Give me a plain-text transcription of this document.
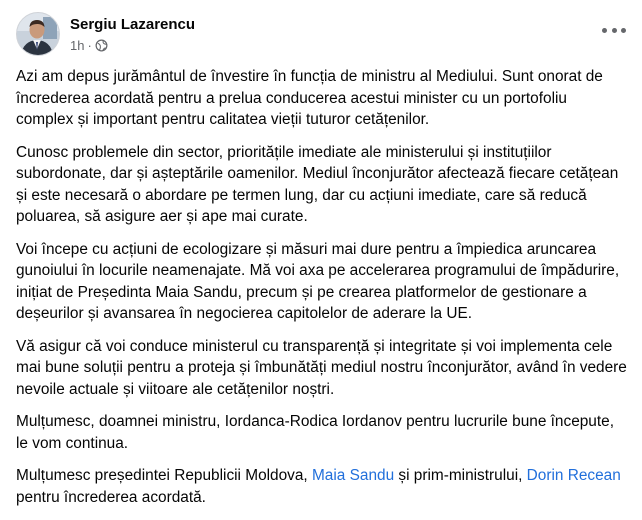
Sergiu Lazarencu
1h ·

Azi am depus jurământul de învestire în funcția de ministru al Mediului. Sunt onorat de încrederea acordată pentru a prelua conducerea acestui minister cu un portofoliu complex și important pentru calitatea vieții tuturor cetățenilor.

Cunosc problemele din sector, prioritățile imediate ale ministerului și instituțiilor subordonate, dar și așteptările oamenilor. Mediul înconjurător afectează fiecare cetățean și este necesară o abordare pe termen lung, dar cu acțiuni imediate, care să reducă poluarea, să asigure aer și ape mai curate.

Voi începe cu acțiuni de ecologizare și măsuri mai dure pentru a împiedica aruncarea gunoiului în locurile neamenajate. Mă voi axa pe accelerarea programului de împădurire, inițiat de Președinta Maia Sandu, precum și pe crearea platformelor de gestionare a deșeurilor și avansarea în negocierea capitolelor de aderare la UE.

Vă asigur că voi conduce ministerul cu transparență și integritate și voi implementa cele mai bune soluții pentru a proteja și îmbunătăți mediul nostru înconjurător, având în vedere nevoile actuale și viitoare ale cetățenilor noștri.

Mulțumesc, doamnei ministru, Iordanca-Rodica Iordanov pentru lucrurile bune începute, le vom continua.

Mulțumesc președintei Republicii Moldova, Maia Sandu și prim-ministrului, Dorin Recean pentru încrederea acordată.
